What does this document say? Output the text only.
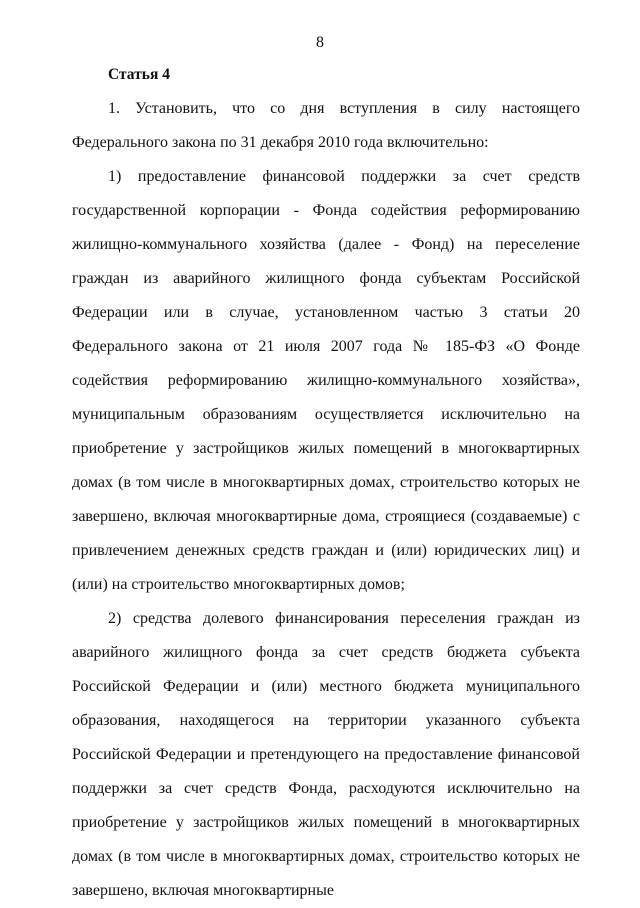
8
Статья 4

1. Установить, что со дня вступления в силу настоящего Федерального закона по 31 декабря 2010 года включительно:

1) предоставление финансовой поддержки за счет средств государственной корпорации - Фонда содействия реформированию жилищно-коммунального хозяйства (далее - Фонд) на переселение граждан из аварийного жилищного фонда субъектам Российской Федерации или в случае, установленном частью 3 статьи 20 Федерального закона от 21 июля 2007 года № 185-ФЗ «О Фонде содействия реформированию жилищно-коммунального хозяйства», муниципальным образованиям осуществляется исключительно на приобретение у застройщиков жилых помещений в многоквартирных домах (в том числе в многоквартирных домах, строительство которых не завершено, включая многоквартирные дома, строящиеся (создаваемые) с привлечением денежных средств граждан и (или) юридических лиц) и (или) на строительство многоквартирных домов;

2) средства долевого финансирования переселения граждан из аварийного жилищного фонда за счет средств бюджета субъекта Российской Федерации и (или) местного бюджета муниципального образования, находящегося на территории указанного субъекта Российской Федерации и претендующего на предоставление финансовой поддержки за счет средств Фонда, расходуются исключительно на приобретение у застройщиков жилых помещений в многоквартирных домах (в том числе в многоквартирных домах, строительство которых не завершено, включая многоквартирные
